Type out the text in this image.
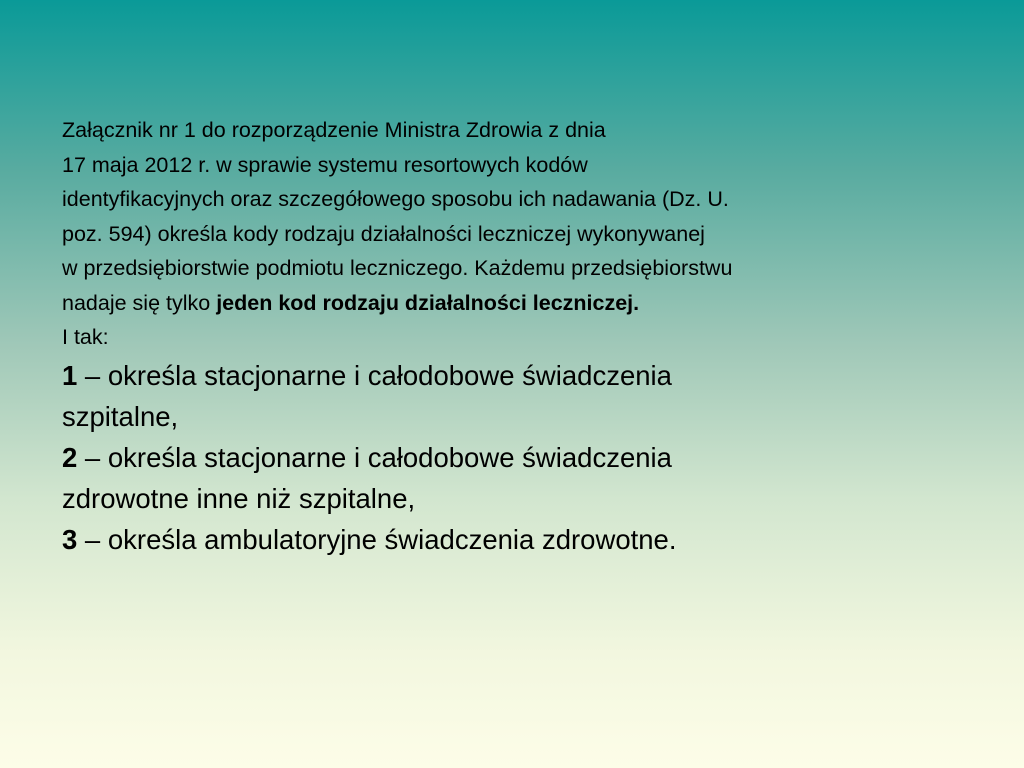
Załącznik nr 1 do rozporządzenie Ministra Zdrowia z dnia
17 maja 2012 r. w sprawie systemu resortowych kodów
identyfikacyjnych oraz szczegółowego sposobu ich nadawania (Dz. U.
poz. 594) określa kody rodzaju działalności leczniczej wykonywanej
w przedsiębiorstwie podmiotu leczniczego. Każdemu przedsiębiorstwu
nadaje się tylko jeden kod rodzaju działalności leczniczej.
I tak:
1 – określa stacjonarne i całodobowe świadczenia
szpitalne,
2 – określa stacjonarne i całodobowe świadczenia
zdrowotne inne niż szpitalne,
3 – określa ambulatoryjne świadczenia zdrowotne.
